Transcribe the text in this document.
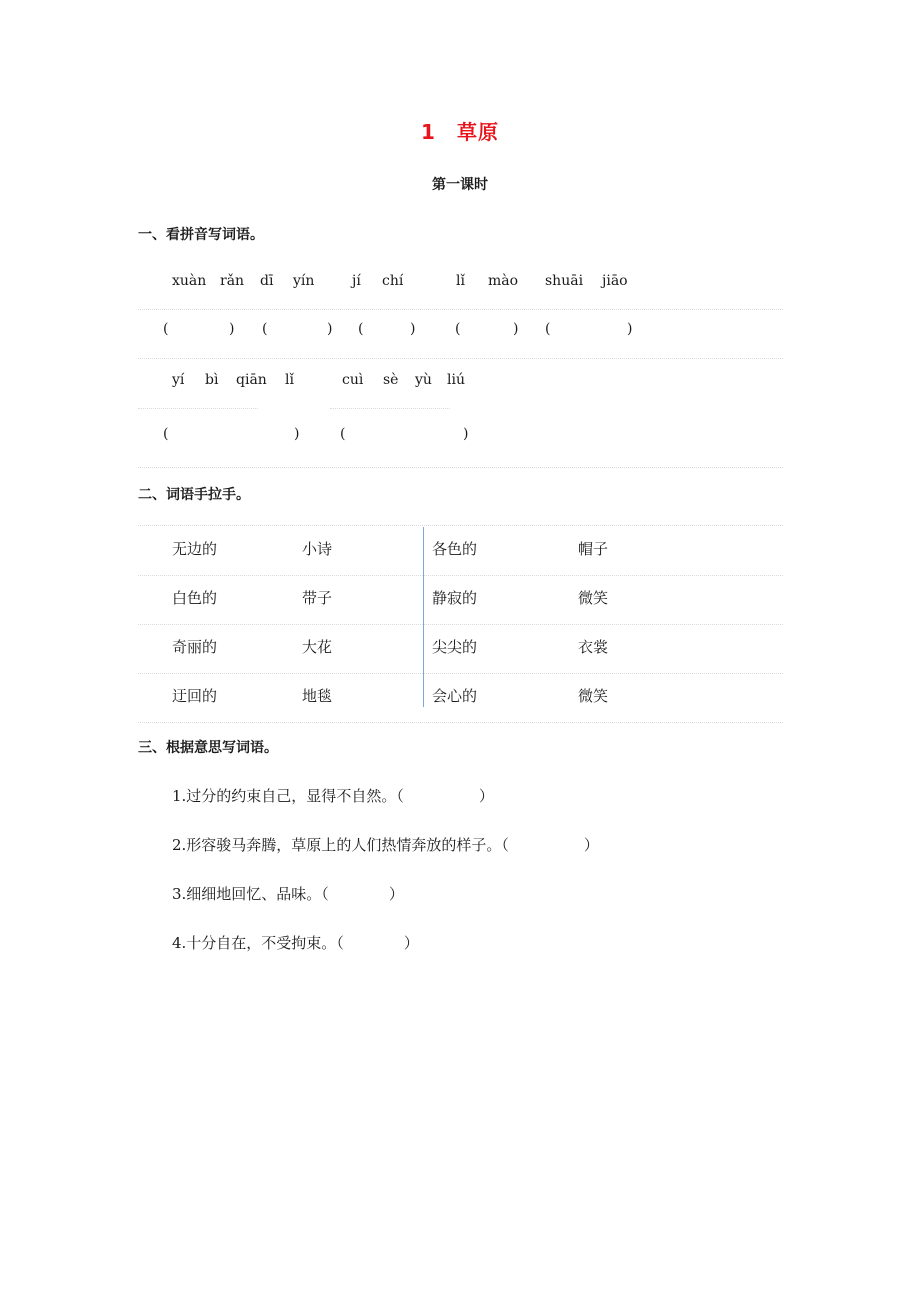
1　草原
第一课时
一、看拼音写词语。
xuàn rǎn dī yín	jí chí	lǐ mào shuāi jiāo
(	) (	) (	)	(	) (	)
yí bì qiān lǐ	cuì sè yù liú
(	)	(	)
二、词语手拉手。
无边的	小诗	各色的	帽子
白色的	带子	静寂的	微笑
奇丽的	大花	尖尖的	衣裳
迂回的	地毯	会心的	微笑
三、根据意思写词语。
1.过分的约束自己，显得不自然。（　　　　　）
2.形容骏马奔腾，草原上的人们热情奔放的样子。（　　　　　）
3.细细地回忆、品味。（　　　　）
4.十分自在，不受拘束。（　　　　）
